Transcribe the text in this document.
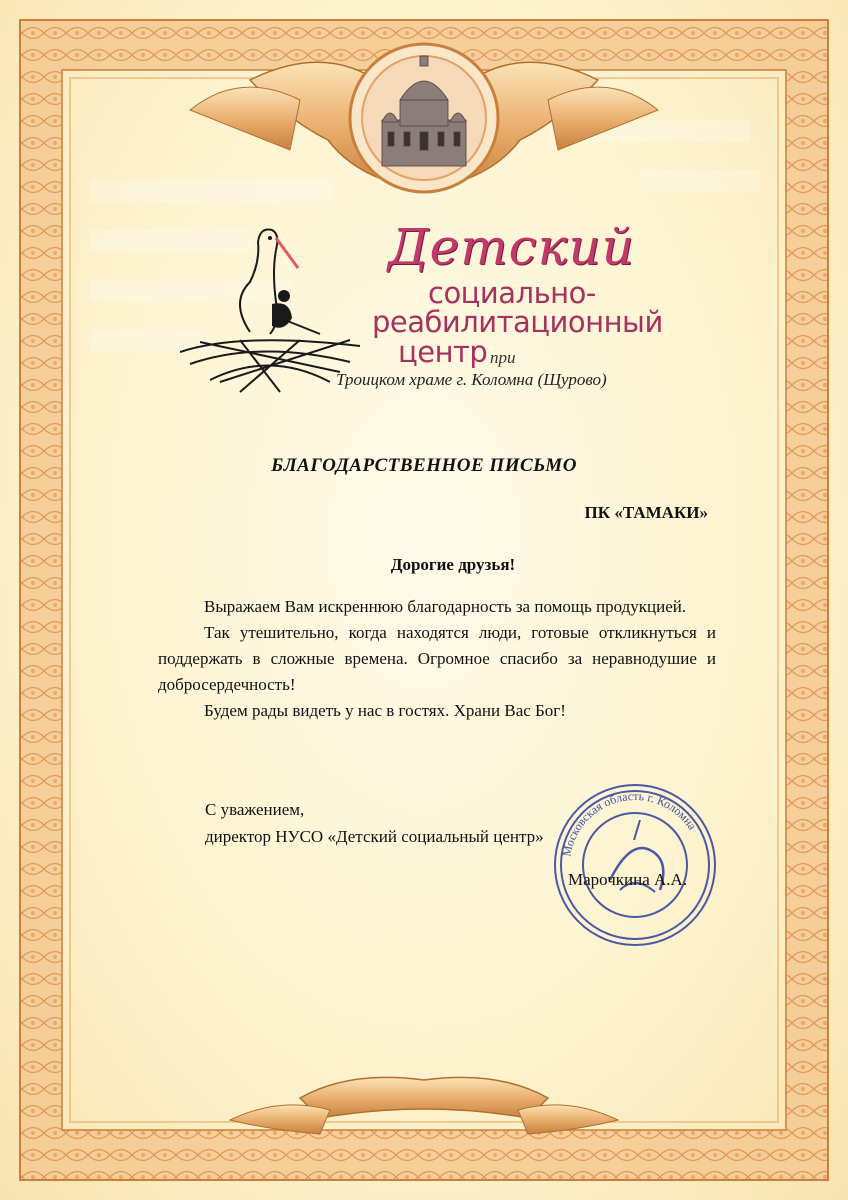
Детский
социально-
реабилитационный
центр при
Троицком храме г. Коломна (Щурово)
БЛАГОДАРСТВЕННОЕ ПИСЬМО
ПК «ТАМАКИ»
Дорогие друзья!

Выражаем Вам искреннюю благодарность за помощь продукцией.

Так утешительно, когда находятся люди, готовые откликнуться и поддержать в сложные времена. Огромное спасибо за неравнодушие и добросердечность!

Будем рады видеть у нас в гостях. Храни Вас Бог!

С уважением,
директор НУСО «Детский социальный центр»
Московская область г. Коломна
Марочкина А.А.
